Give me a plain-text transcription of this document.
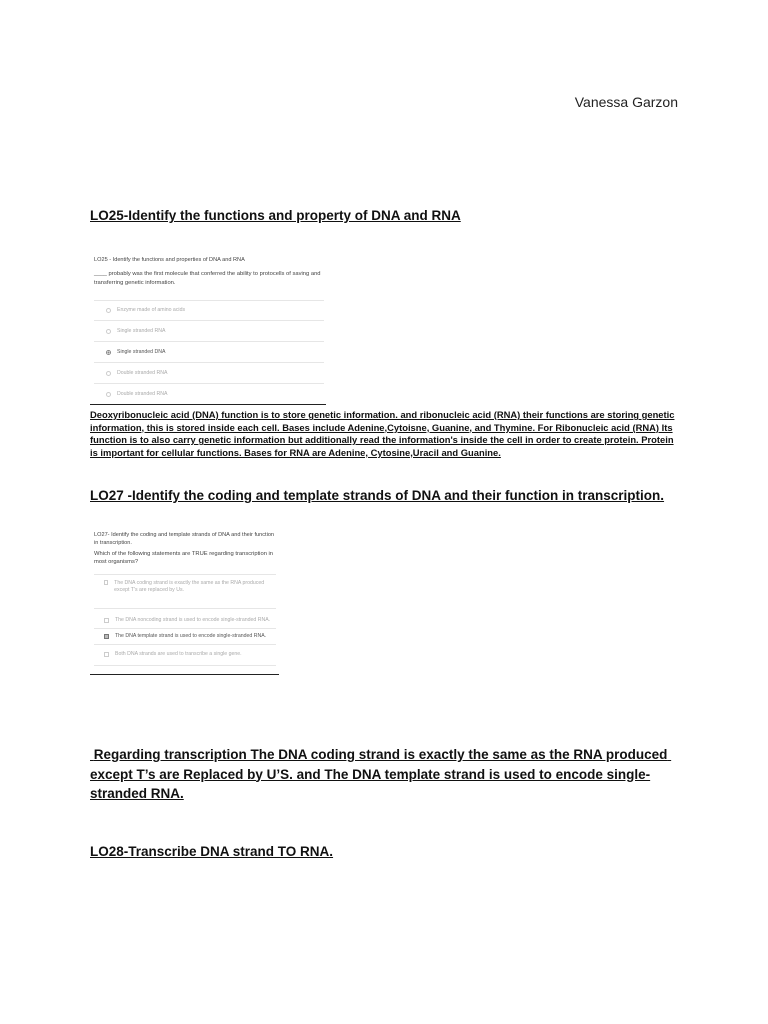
Vanessa Garzon
LO25-Identify the functions and property of DNA and RNA
LO25 - Identify the functions and properties of DNA and RNA
____ probably was the first molecule that conferred the ability to protocells of saving and transferring genetic information.
Enzyme made of amino acids
Single stranded RNA
Single stranded DNA
Double stranded RNA
Double stranded RNA
Deoxyribonucleic acid (DNA) function is to store genetic information. and ribonucleic acid (RNA) their functions are storing genetic information, this is stored inside each cell. Bases include Adenine,Cytoisne, Guanine, and Thymine. For Ribonucleic acid (RNA) Its function is to also carry genetic information but additionally read the information's inside the cell in order to create protein. Protein is important for cellular functions. Bases for RNA are Adenine, Cytosine,Uracil and Guanine.
LO27 -Identify the coding and template strands of DNA and their function in transcription.
LO27- Identify the coding and template strands of DNA and their function in transcription.
Which of the following statements are TRUE regarding transcription in most organisms?
The DNA coding strand is exactly the same as the RNA produced except T's are replaced by Us.
The DNA noncoding strand is used to encode single-stranded RNA.
The DNA template strand is used to encode single-stranded RNA.
Both DNA strands are used to transcribe a single gene.
Regarding transcription The DNA coding strand is exactly the same as the RNA produced except T’s are Replaced by U’S. and The DNA template strand is used to encode single-stranded RNA.
LO28-Transcribe DNA strand TO RNA.
